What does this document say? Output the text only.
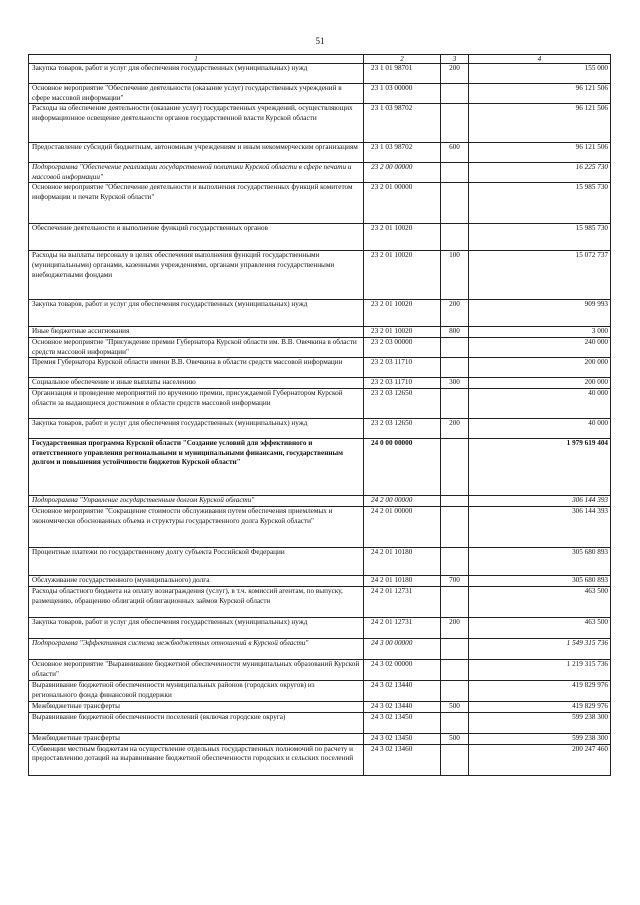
51
1	2	3	4
Закупка товаров, работ и услуг для обеспечения государственных (муниципальных) нужд	23 1 01 98701	200	155 000
Основное мероприятие "Обеспечение деятельности (оказание услуг) государственных учреждений в сфере массовой информации"	23 1 03 00000		96 121 506
Расходы на обеспечение деятельности (оказание услуг) государственных учреждений, осуществляющих информационное освещение деятельности органов государственной власти Курской области	23 1 03 98702		96 121 506
Предоставление субсидий бюджетным, автономным учреждениям и иным некоммерческим организациям	23 1 03 98702	600	96 121 506
Подпрограмма "Обеспечение реализации государственной политики Курской области в сфере печати и массовой информации"	23 2 00 00000		16 225 730
Основное мероприятие "Обеспечение деятельности и выполнения государственных функций комитетом информации и печати Курской области"	23 2 01 00000		15 985 730
Обеспечение деятельности и выполнение функций государственных органов	23 2 01 10020		15 985 730
Расходы на выплаты персоналу в целях обеспечения выполнения функций государственными (муниципальными) органами, казенными учреждениями, органами управления государственными внебюджетными фондами	23 2 01 10020	100	15 072 737
Закупка товаров, работ и услуг для обеспечения государственных (муниципальных) нужд	23 2 01 10020	200	909 993
Иные бюджетные ассигнования	23 2 01 10020	800	3 000
Основное мероприятие "Присуждение премии Губернатора Курской области им. В.В. Овечкина в области средств массовой информации"	23 2 03 00000		240 000
Премия Губернатора Курской области имени В.В. Овечкина в области средств массовой информации	23 2 03 11710		200 000
Социальное обеспечение и иные выплаты населению	23 2 03 11710	300	200 000
Организация и проведение мероприятий по вручению премии, присуждаемой Губернатором Курской области за выдающиеся достижения в области средств массовой информации	23 2 03 12650		40 000
Закупка товаров, работ и услуг для обеспечения государственных (муниципальных) нужд	23 2 03 12650	200	40 000
Государственная программа Курской области "Создание условий для эффективного и ответственного управления региональными и муниципальными финансами, государственным долгом и повышения устойчивости бюджетов Курской области"	24 0 00 00000		1 979 619 404
Подпрограмма "Управление государственным долгом Курской области"	24 2 00 00000		306 144 393
Основное мероприятие "Сокращение стоимости обслуживания путем обеспечения приемлемых и экономически обоснованных объема и структуры государственного долга Курской области"	24 2 01 00000		306 144 393
Процентные платежи по государственному долгу субъекта Российской Федерации	24 2 01 10180		305 680 893
Обслуживание государственного (муниципального) долга	24 2 01 10180	700	305 680 893
Расходы областного бюджета на оплату вознаграждения (услуг), в т.ч. комиссий агентам, по выпуску, размещению, обращению облигаций облигационных займов Курской области	24 2 01 12731		463 500
Закупка товаров, работ и услуг для обеспечения государственных (муниципальных) нужд	24 2 01 12731	200	463 500
Подпрограмма "Эффективная система межбюджетных отношений в Курской области"	24 3 00 00000		1 549 315 736
Основное мероприятие "Выравнивание бюджетной обеспеченности муниципальных образований Курской области"	24 3 02 00000		1 219 315 736
Выравнивание бюджетной обеспеченности муниципальных районов (городских округов) из регионального фонда финансовой поддержки	24 3 02 13440		419 829 976
Межбюджетные трансферты	24 3 02 13440	500	419 829 976
Выравнивание бюджетной обеспеченности поселений (включая городские округа)	24 3 02 13450		599 238 300
Межбюджетные трансферты	24 3 02 13450	500	599 238 300
Субвенции местным бюджетам на осуществление отдельных государственных полномочий по расчету и предоставлению дотаций на выравнивание бюджетной обеспеченности городских и сельских поселений	24 3 02 13460		200 247 460
